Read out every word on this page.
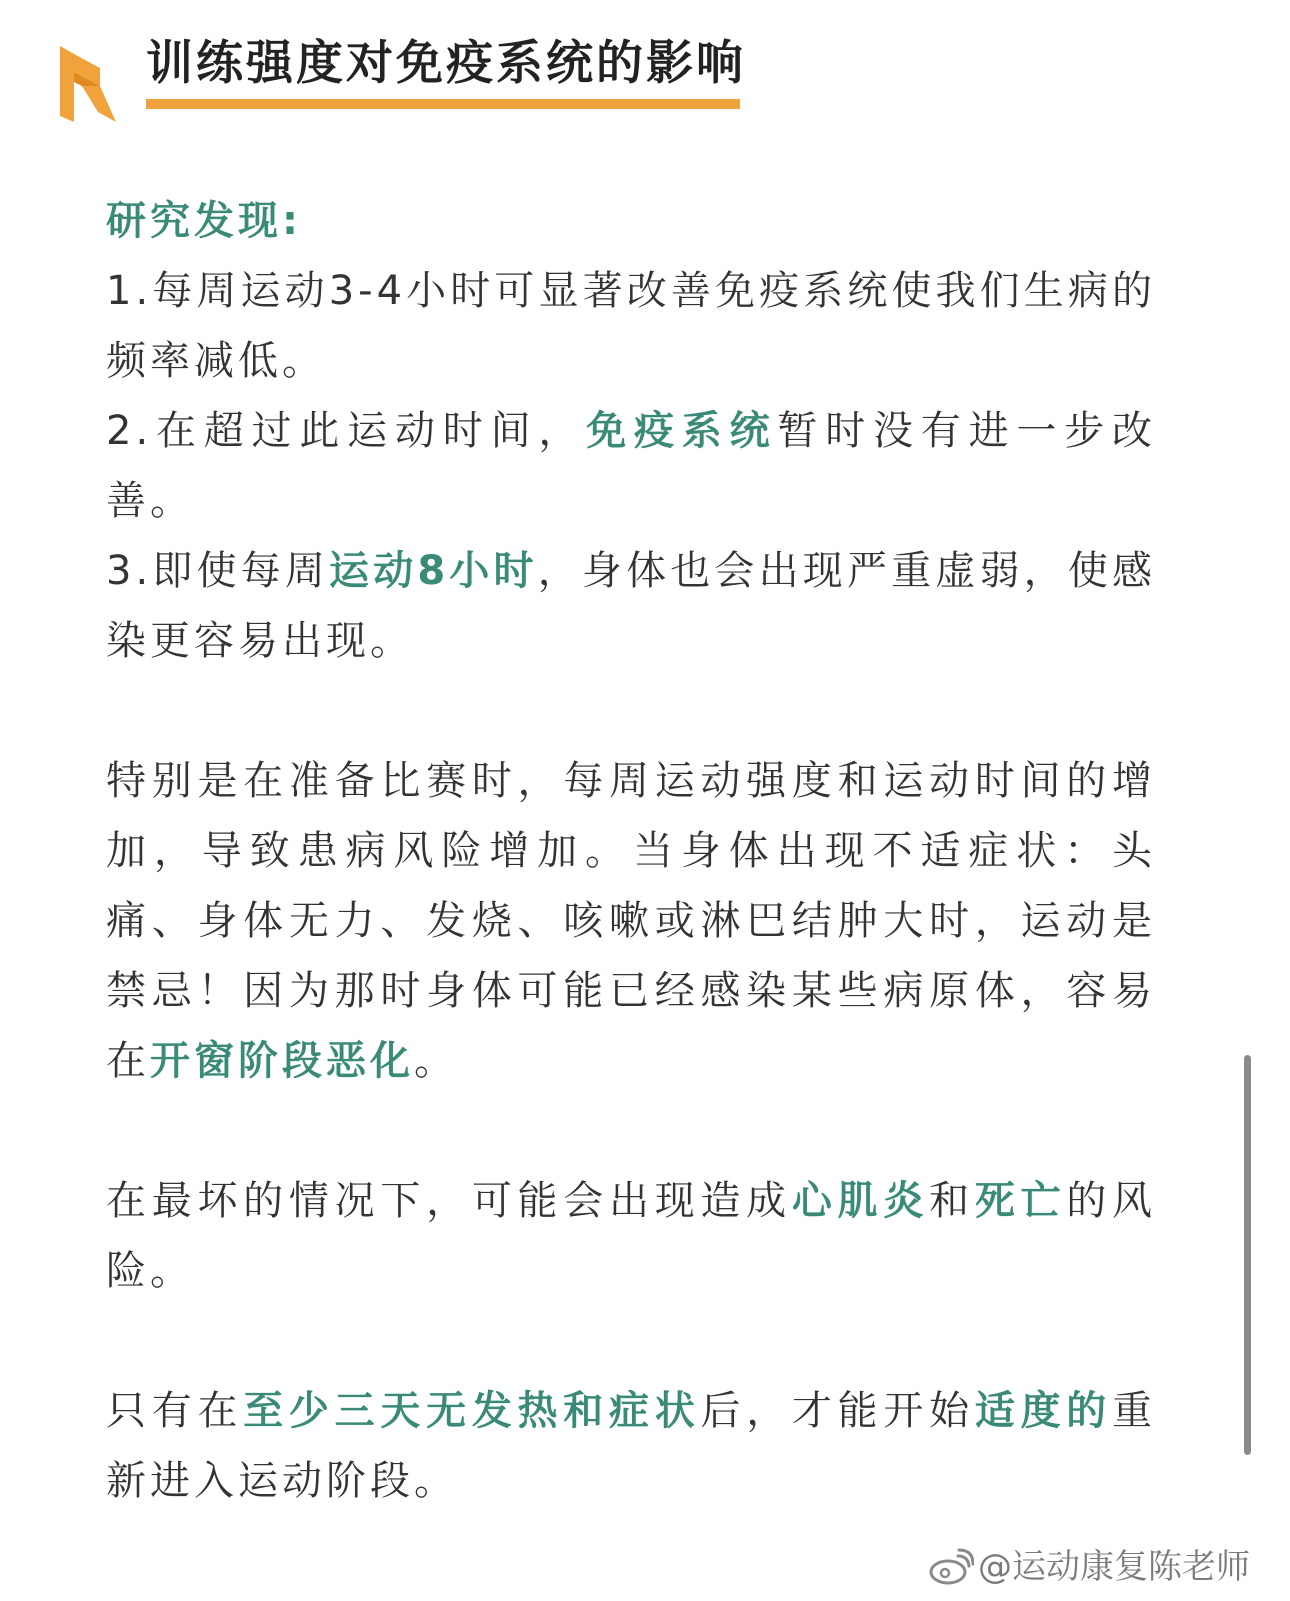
训练强度对免疫系统的影响

研究发现:

1.每周运动3-4小时可显著改善免疫系统使我们生病的频率减低。

2.在超过此运动时间，免疫系统暂时没有进一步改善。

3.即使每周运动8小时，身体也会出现严重虚弱，使感染更容易出现。

特别是在准备比赛时，每周运动强度和运动时间的增加，导致患病风险增加。当身体出现不适症状：头痛、身体无力、发烧、咳嗽或淋巴结肿大时，运动是禁忌！因为那时身体可能已经感染某些病原体，容易在开窗阶段恶化。

在最坏的情况下，可能会出现造成心肌炎和死亡的风险。

只有在至少三天无发热和症状后，才能开始适度的重新进入运动阶段。

@运动康复陈老师
